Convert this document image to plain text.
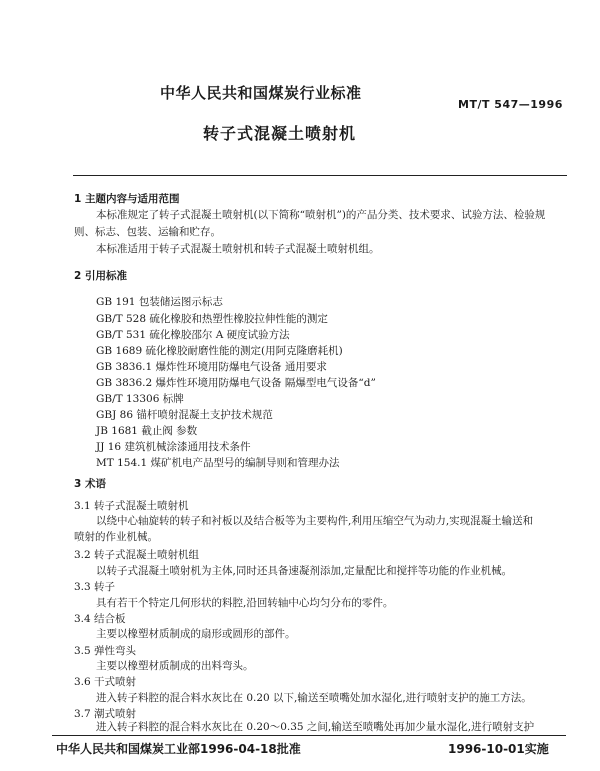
中华人民共和国煤炭行业标准
MT/T 547—1996
转子式混凝土喷射机
1 主题内容与适用范围
本标准规定了转子式混凝土喷射机(以下简称“喷射机”)的产品分类、技术要求、试验方法、检验规
则、标志、包装、运输和贮存。
本标准适用于转子式混凝土喷射机和转子式混凝土喷射机组。
2 引用标准
GB 191 包装储运图示标志
GB/T 528 硫化橡胶和热塑性橡胶拉伸性能的测定
GB/T 531 硫化橡胶邵尔 A 硬度试验方法
GB 1689 硫化橡胶耐磨性能的测定(用阿克隆磨耗机)
GB 3836.1 爆炸性环境用防爆电气设备 通用要求
GB 3836.2 爆炸性环境用防爆电气设备 隔爆型电气设备“d”
GB/T 13306 标牌
GBJ 86 锚杆喷射混凝土支护技术规范
JB 1681 截止阀 参数
JJ 16 建筑机械涂漆通用技术条件
MT 154.1 煤矿机电产品型号的编制导则和管理办法
3 术语
3.1 转子式混凝土喷射机
以绕中心轴旋转的转子和衬板以及结合板等为主要构件,利用压缩空气为动力,实现混凝土输送和
喷射的作业机械。
3.2 转子式混凝土喷射机组
以转子式混凝土喷射机为主体,同时还具备速凝剂添加,定量配比和搅拌等功能的作业机械。
3.3 转子
具有若干个特定几何形状的料腔,沿回转轴中心均匀分布的零件。
3.4 结合板
主要以橡塑材质制成的扇形或圆形的部件。
3.5 弹性弯头
主要以橡塑材质制成的出料弯头。
3.6 干式喷射
进入转子料腔的混合料水灰比在 0.20 以下,输送至喷嘴处加水湿化,进行喷射支护的施工方法。
3.7 潮式喷射
进入转子料腔的混合料水灰比在 0.20～0.35 之间,输送至喷嘴处再加少量水湿化,进行喷射支护
中华人民共和国煤炭工业部1996-04-18批准	1996-10-01实施
